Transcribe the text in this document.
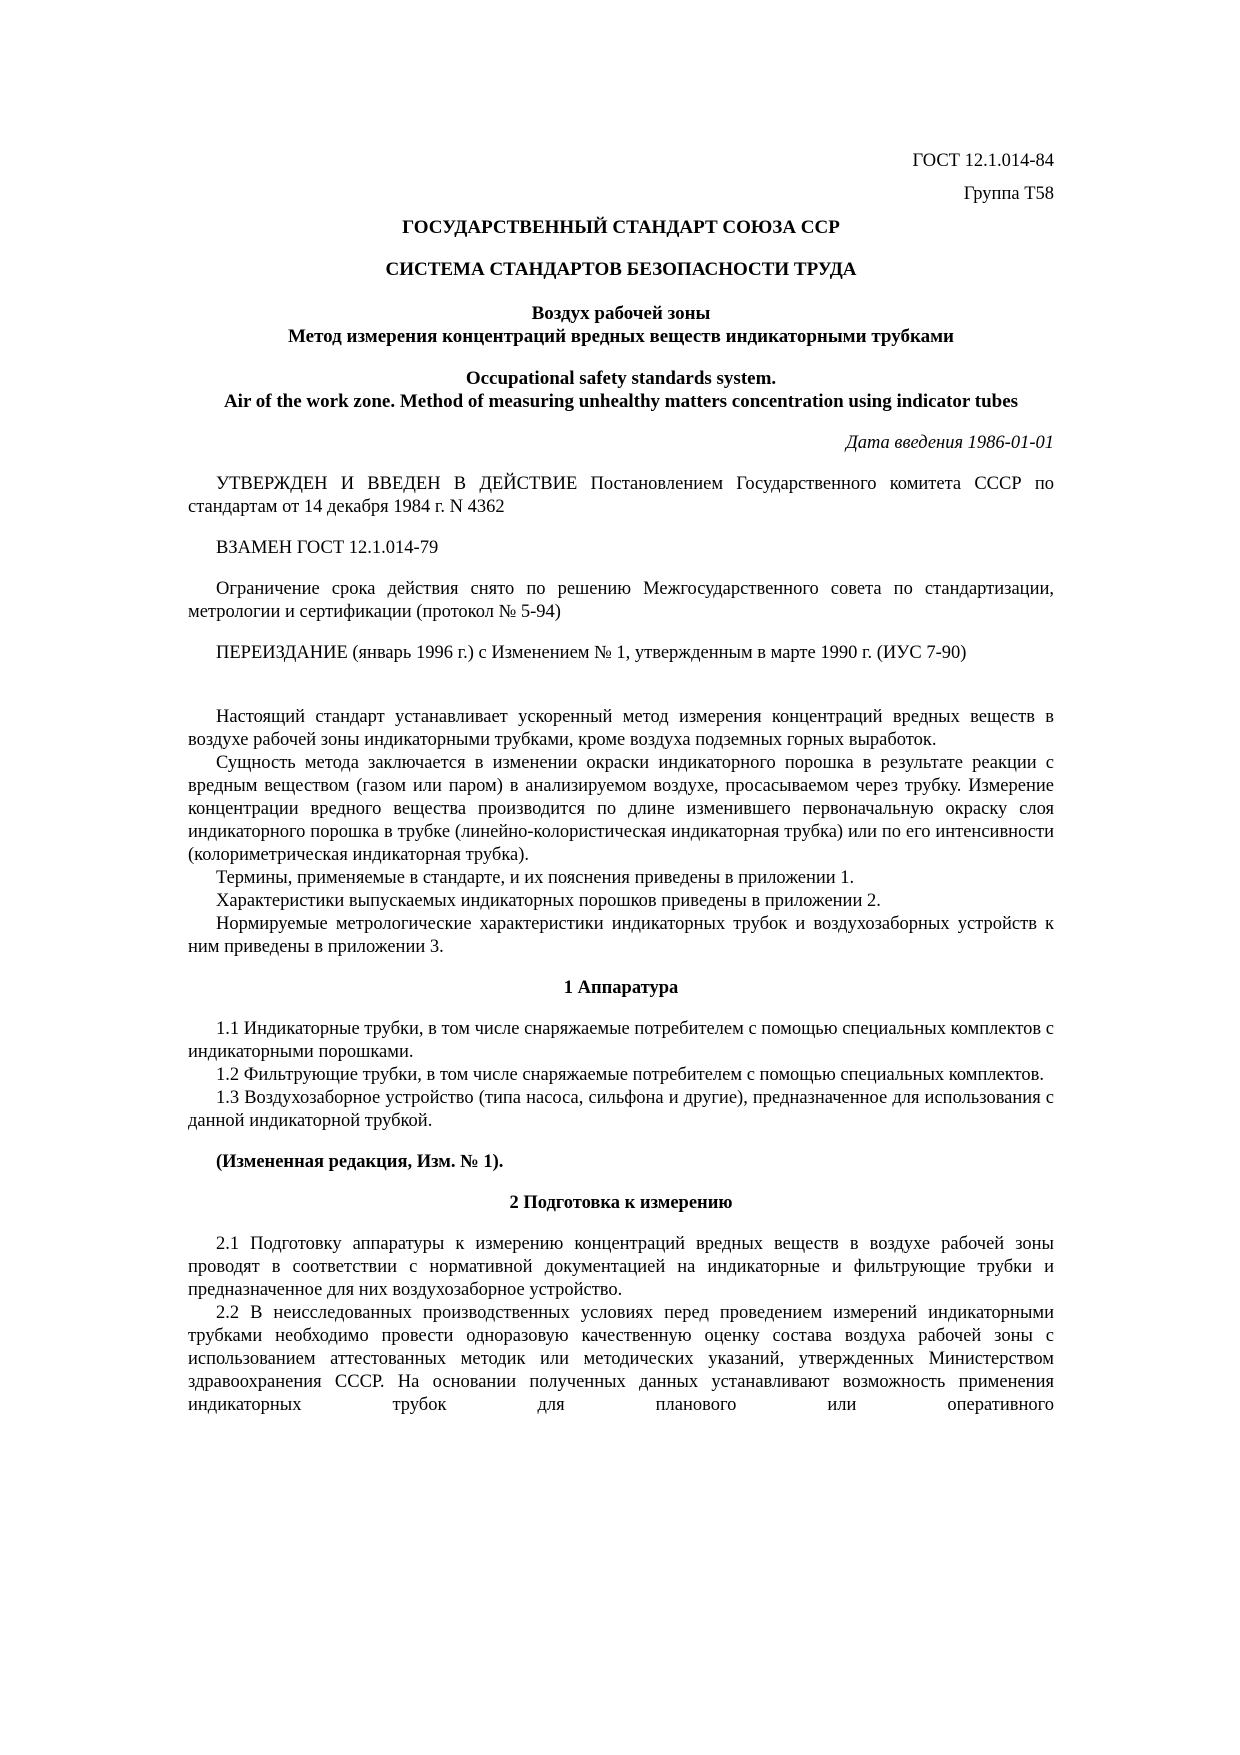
ГОСТ 12.1.014-84

Группа Т58

ГОСУДАРСТВЕННЫЙ СТАНДАРТ СОЮЗА ССР

СИСТЕМА СТАНДАРТОВ БЕЗОПАСНОСТИ ТРУДА

Воздух рабочей зоны

Метод измерения концентраций вредных веществ индикаторными трубками

Occupational safety standards system.

Air of the work zone. Method of measuring unhealthy matters concentration using indicator tubes

Дата введения 1986-01-01

УТВЕРЖДЕН И ВВЕДЕН В ДЕЙСТВИЕ Постановлением Государственного комитета СССР по стандартам от 14 декабря 1984 г. N 4362

ВЗАМЕН ГОСТ 12.1.014-79

Ограничение срока действия снято по решению Межгосударственного совета по стандартизации, метрологии и сертификации (протокол № 5-94)

ПЕРЕИЗДАНИЕ (январь 1996 г.) с Изменением № 1, утвержденным в марте 1990 г. (ИУС 7-90)

Настоящий стандарт устанавливает ускоренный метод измерения концентраций вредных веществ в воздухе рабочей зоны индикаторными трубками, кроме воздуха подземных горных выработок.

Сущность метода заключается в изменении окраски индикаторного порошка в результате реакции с вредным веществом (газом или паром) в анализируемом воздухе, просасываемом через трубку. Измерение концентрации вредного вещества производится по длине изменившего первоначальную окраску слоя индикаторного порошка в трубке (линейно-колористическая индикаторная трубка) или по его интенсивности (колориметрическая индикаторная трубка).

Термины, применяемые в стандарте, и их пояснения приведены в приложении 1.

Характеристики выпускаемых индикаторных порошков приведены в приложении 2.

Нормируемые метрологические характеристики индикаторных трубок и воздухозаборных устройств к ним приведены в приложении 3.

1 Аппаратура

1.1 Индикаторные трубки, в том числе снаряжаемые потребителем с помощью специальных комплектов с индикаторными порошками.

1.2 Фильтрующие трубки, в том числе снаряжаемые потребителем с помощью специальных комплектов.

1.3 Воздухозаборное устройство (типа насоса, сильфона и другие), предназначенное для использования с данной индикаторной трубкой.

(Измененная редакция, Изм. № 1).

2 Подготовка к измерению

2.1 Подготовку аппаратуры к измерению концентраций вредных веществ в воздухе рабочей зоны проводят в соответствии с нормативной документацией на индикаторные и фильтрующие трубки и предназначенное для них воздухозаборное устройство.

2.2 В неисследованных производственных условиях перед проведением измерений индикаторными трубками необходимо провести одноразовую качественную оценку состава воздуха рабочей зоны с использованием аттестованных методик или методических указаний, утвержденных Министерством здравоохранения СССР. На основании полученных данных устанавливают возможность применения индикаторных трубок для планового или оперативного
